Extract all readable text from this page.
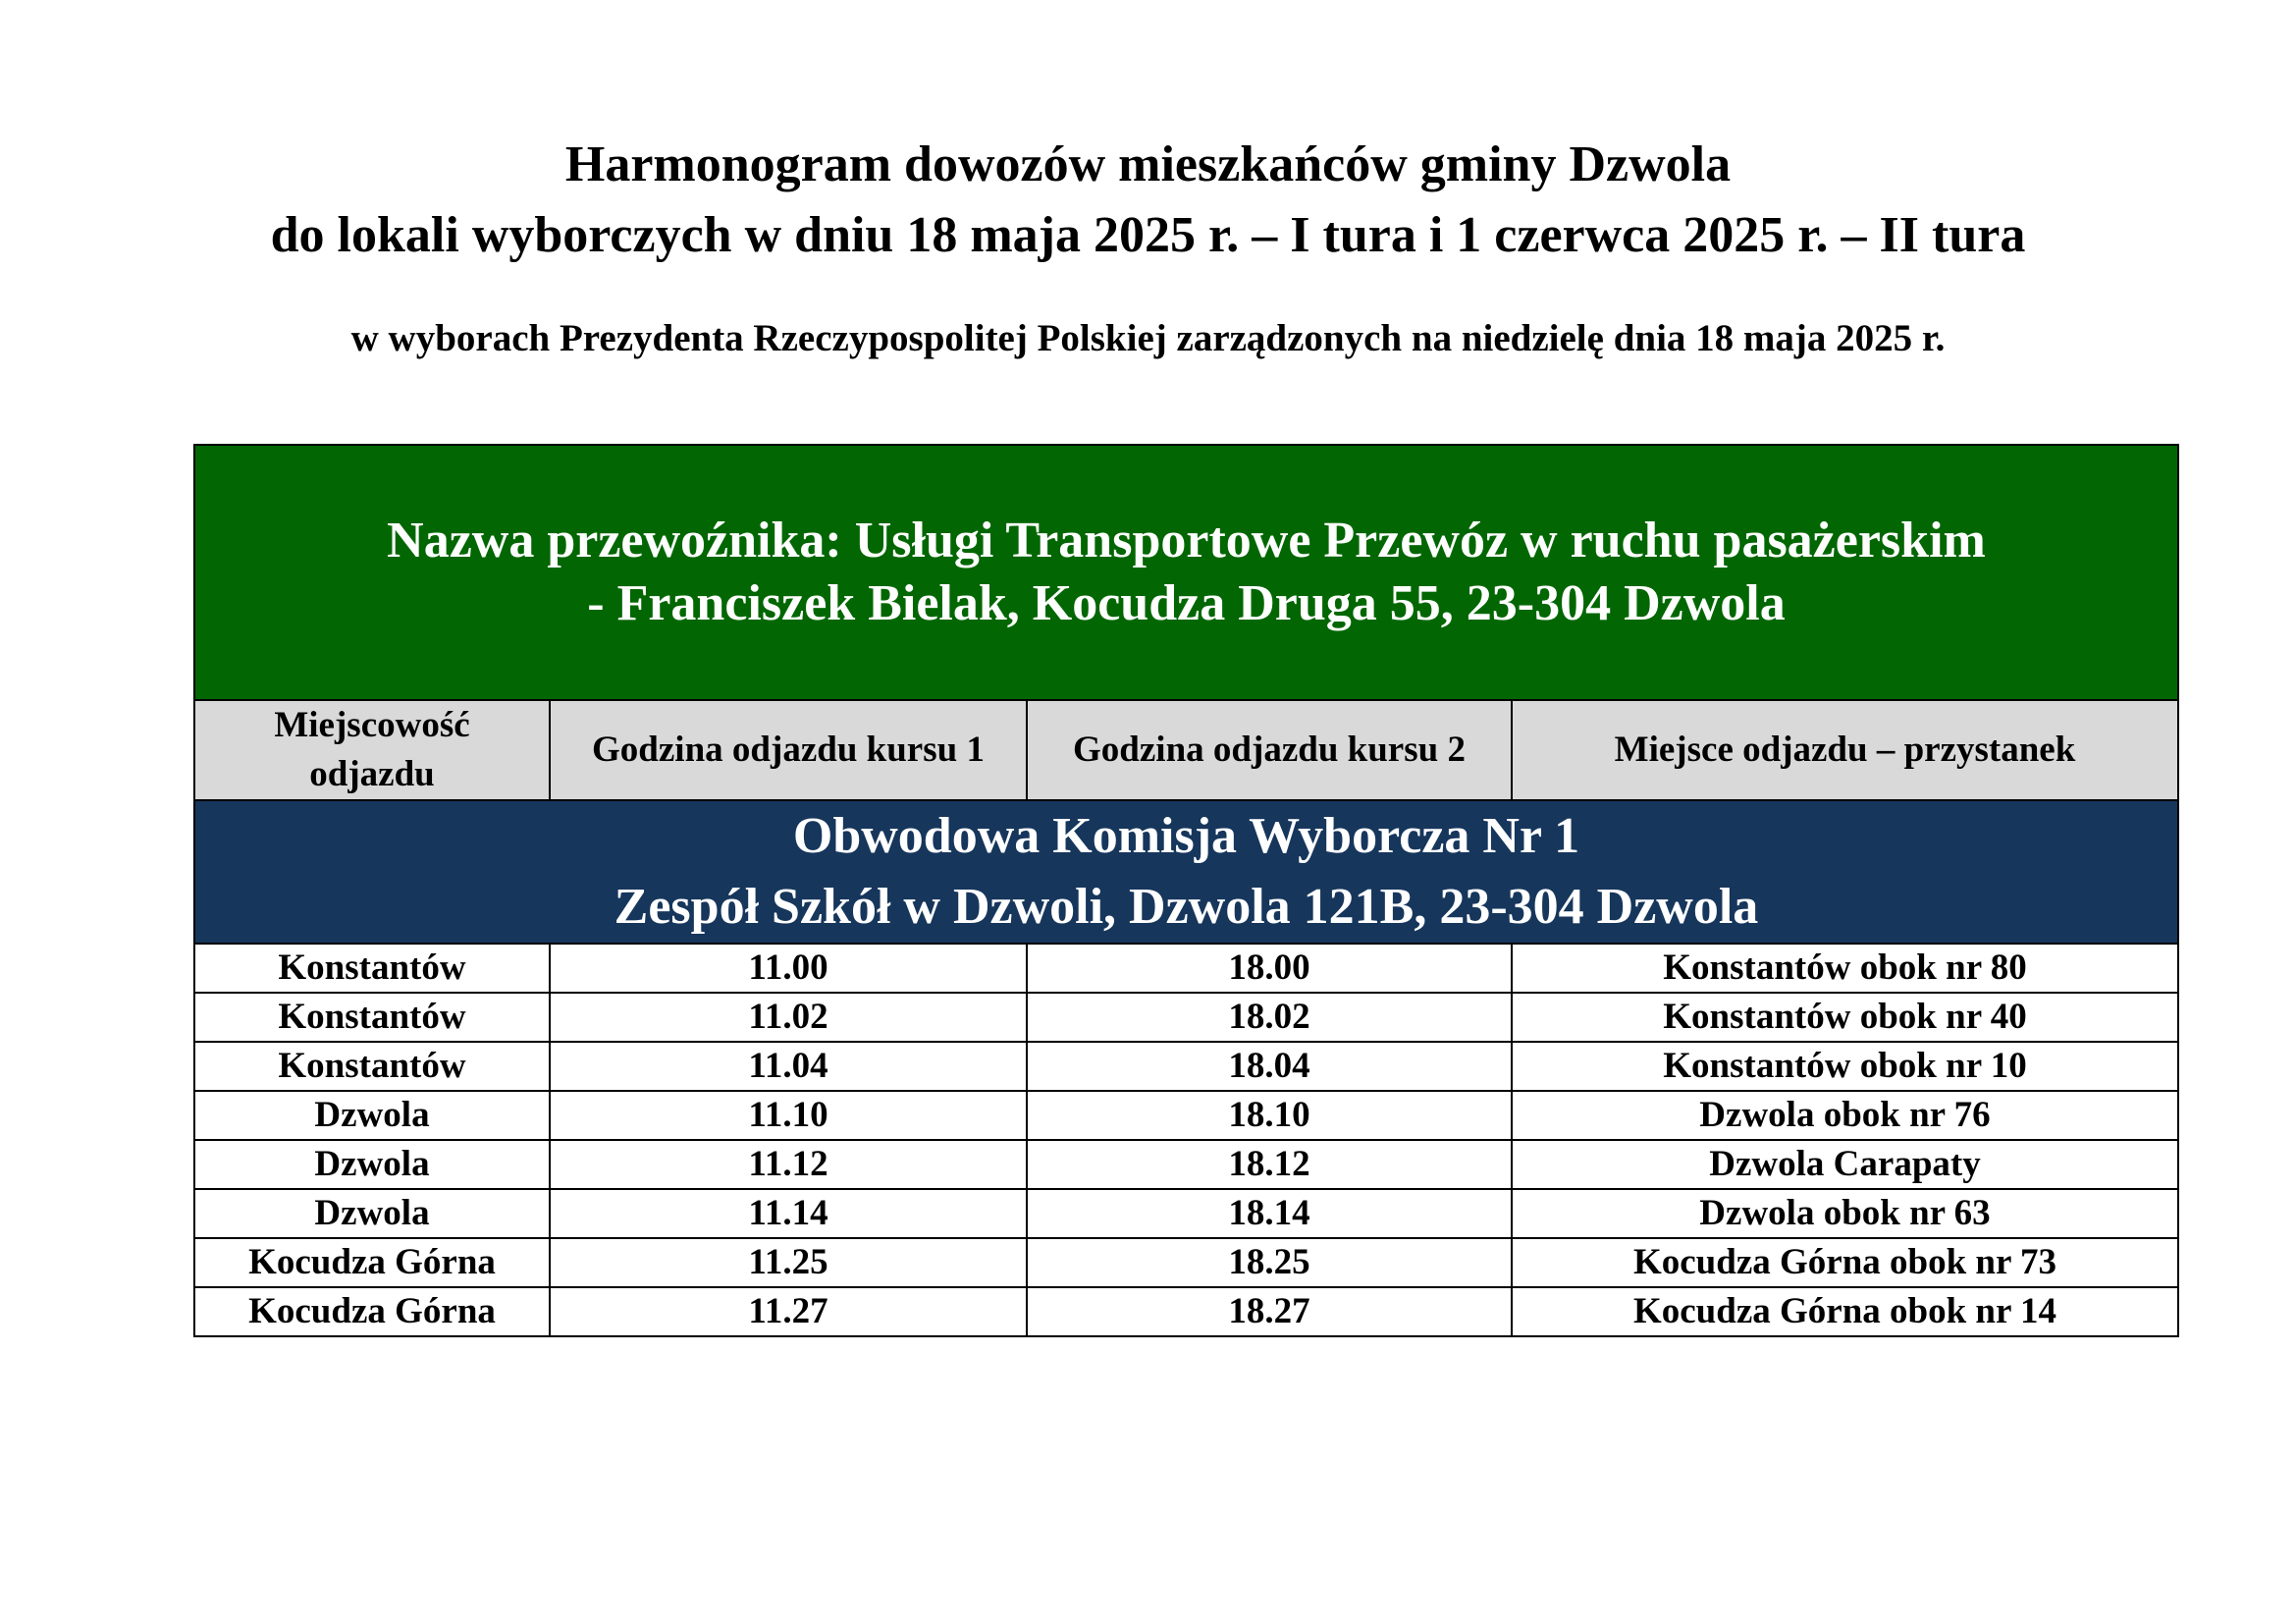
Harmonogram dowozów mieszkańców gminy Dzwola
do lokali wyborczych w dniu 18 maja 2025 r. – I tura i 1 czerwca 2025 r. – II tura
w wyborach Prezydenta Rzeczypospolitej Polskiej zarządzonych na niedzielę dnia 18 maja 2025 r.
Nazwa przewoźnika: Usługi Transportowe Przewóz w ruchu pasażerskim
- Franciszek Bielak, Kocudza Druga 55, 23-304 Dzwola			

Miejscowość
odjazdu	Godzina odjazdu kursu 1	Godzina odjazdu kursu 2	Miejsce odjazdu – przystanek

Obwodowa Komisja Wyborcza Nr 1
Zespół Szkół w Dzwoli, Dzwola 121B, 23-304 Dzwola			

Konstantów	11.00	18.00	Konstantów obok nr 80
Konstantów	11.02	18.02	Konstantów obok nr 40
Konstantów	11.04	18.04	Konstantów obok nr 10
Dzwola	11.10	18.10	Dzwola obok nr 76
Dzwola	11.12	18.12	Dzwola Carapaty
Dzwola	11.14	18.14	Dzwola obok nr 63
Kocudza Górna	11.25	18.25	Kocudza Górna obok nr 73
Kocudza Górna	11.27	18.27	Kocudza Górna obok nr 14
